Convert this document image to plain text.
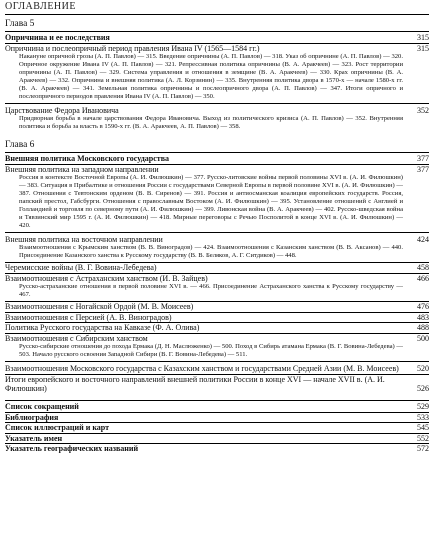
ОГЛАВЛЕНИЕ
Глава 5
Опричнина и ее последствия	315
Опричнина и послеопричный период правления Ивана IV (1565—1584 гг.)	315
Накануне опричной грозы (А. П. Павлов) — 315. Введение опричнины (А. П. Павлов) — 318. Указ об опричнине (А. П. Павлов) — 320. Опричное окружение Ивана IV (А. П. Павлов) — 321. Репрессивная политика опричнины (В. А. Аракчеев) — 323. Рост территории опричнины (А. П. Павлов) — 329. Система управления и отношения в земщине (В. А. Аракчеев) — 330. Крах опричнины (В. А. Аракчеев) — 332. Опричнина и внешняя политика (А. Л. Корзинин) — 335. Внутренняя политика двора в 1570-х — начале 1580-х гг. (В. А. Аракчеев) — 341. Земельная политика опричнины и послеопричного двора (А. П. Павлов) — 347. Итоги опричного и послеопричного периодов правления Ивана IV (А. П. Павлов) — 350.
Царствование Федора Ивановича	352
Придворная борьба в начале царствования Федора Ивановича. Выход из политического кризиса (А. П. Павлов) — 352. Внутренняя политика и борьба за власть в 1590-х гг. (В. А. Аракчеев, А. П. Павлов) — 358.
Глава 6
Внешняя политика Московского государства	377
Внешняя политика на западном направлении	377
Россия в контексте Восточной Европы (А. И. Филюшкин) — 377. Русско-литовские войны первой половины XVI в. (А. И. Филюшкин) — 383. Ситуация в Прибалтике и отношения России с государствами Северной Европы в первой половине XVI в. (А. И. Филюшкин) — 387. Отношения с Тевтонским орденом (В. В. Сиренов) — 391. Россия и антиосманская коалиция европейских государств. Россия, папский престол, Габсбурги. Отношения с православным Востоком (А. И. Филюшкин) — 395. Установление отношений с Англией и Голландией и торговля по северному пути (А. И. Филюшкин) — 399. Ливонская война (В. А. Аракчеев) — 402. Русско-шведская война и Тявзинский мир 1595 г. (А. И. Филюшкин) — 418. Мирные переговоры с Речью Посполитой в конце XVI в. (А. И. Филюшкин) — 420.
Внешняя политика на восточном направлении	424
Взаимоотношения с Крымским ханством (В. В. Виноградов) — 424. Взаимоотношения с Казанским ханством (В. В. Аксанов) — 440. Присоединение Казанского ханства к Русскому государству (В. В. Беляков, А. Г. Ситдиков) — 448.
Черемисские войны (В. Г. Вовина-Лебедева)	458
Взаимоотношения с Астраханским ханством (И. В. Зайцев)	466
Русско-астраханские отношения в первой половине XVI в. — 466. Присоединение Астраханского ханства к Русскому государству — 467.
Взаимоотношения с Ногайской Ордой (М. В. Моисеев)	476
Взаимоотношения с Персией (А. В. Виноградов)	483
Политика Русского государства на Кавказе (Ф. А. Олива)	488
Взаимоотношения с Сибирским ханством	500
Русско-сибирские отношения до похода Ермака (Д. Н. Маслюженко) — 500. Поход в Сибирь атамана Ермака (В. Г. Вовина-Лебедева) — 503. Начало русского освоения Западной Сибири (В. Г. Вовина-Лебедева) — 511.
Взаимоотношения Московского государства с Казахским ханством и государствами Средней Азии (М. В. Моисеев)	520
Итоги европейского и восточного направлений внешней политики России в конце XVI — начале XVII в. (А. И. Филюшкин)	526
Список сокращений	529
Библиография	533
Список иллюстраций и карт	545
Указатель имен	552
Указатель географических названий	572
